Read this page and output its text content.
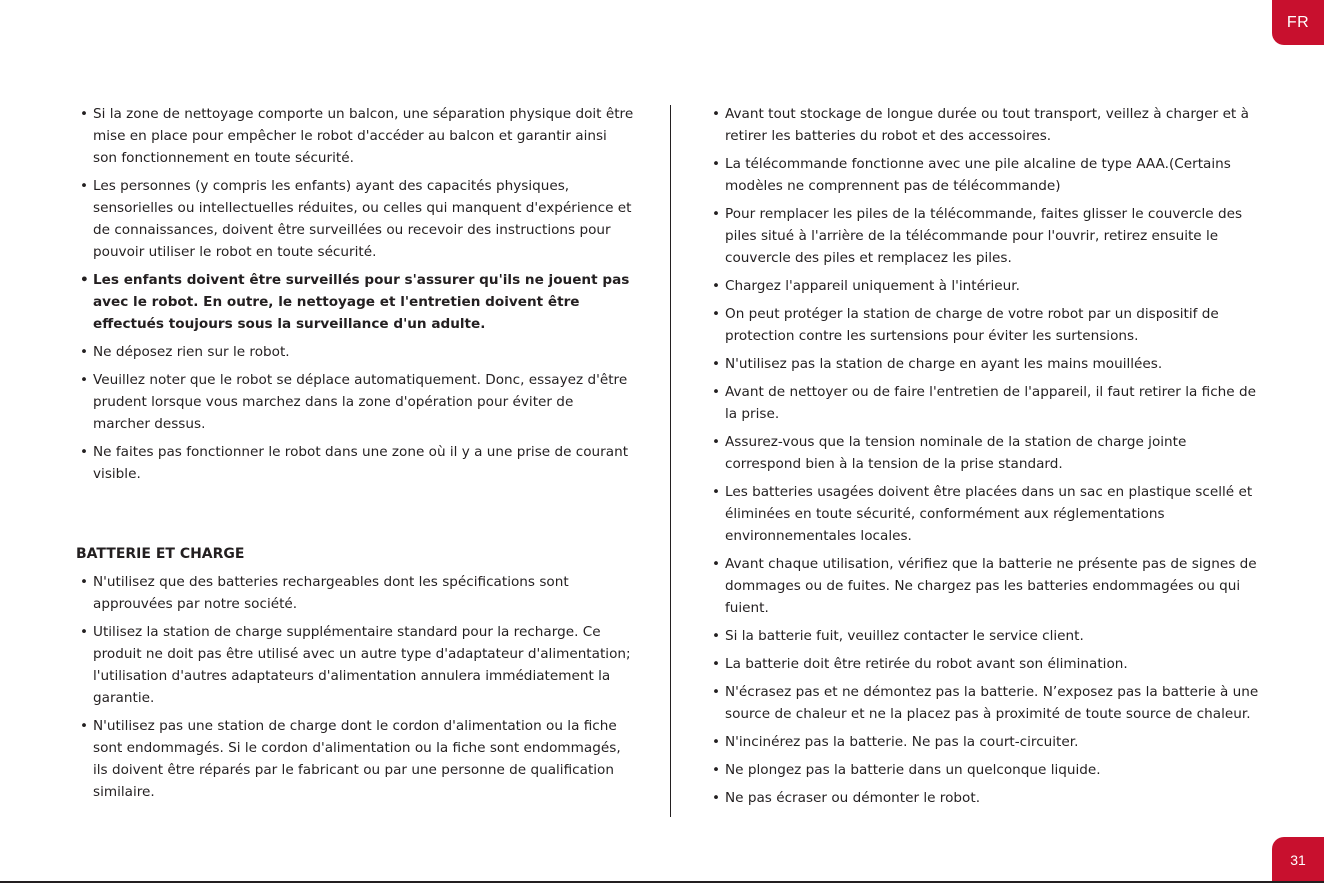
FR
• Si la zone de nettoyage comporte un balcon, une séparation physique doit être mise en place pour empêcher le robot d'accéder au balcon et garantir ainsi son fonctionnement en toute sécurité.
• Les personnes (y compris les enfants) ayant des capacités physiques, sensorielles ou intellectuelles réduites, ou celles qui manquent d'expérience et de connaissances, doivent être surveillées ou recevoir des instructions pour pouvoir utiliser le robot en toute sécurité.
• Les enfants doivent être surveillés pour s'assurer qu'ils ne jouent pas avec le robot. En outre, le nettoyage et l'entretien doivent être effectués toujours sous la surveillance d'un adulte.
• Ne déposez rien sur le robot.
• Veuillez noter que le robot se déplace automatiquement. Donc, essayez d'être prudent lorsque vous marchez dans la zone d'opération pour éviter de marcher dessus.
• Ne faites pas fonctionner le robot dans une zone où il y a une prise de courant visible.
BATTERIE ET CHARGE
• N'utilisez que des batteries rechargeables dont les spécifications sont approuvées par notre société.
• Utilisez la station de charge supplémentaire standard pour la recharge. Ce produit ne doit pas être utilisé avec un autre type d'adaptateur d'alimentation; l'utilisation d'autres adaptateurs d'alimentation annulera immédiatement la garantie.
• N'utilisez pas une station de charge dont le cordon d'alimentation ou la fiche sont endommagés. Si le cordon d'alimentation ou la fiche sont endommagés, ils doivent être réparés par le fabricant ou par une personne de qualification similaire.
• Avant tout stockage de longue durée ou tout transport, veillez à charger et à retirer les batteries du robot et des accessoires.
• La télécommande fonctionne avec une pile alcaline de type AAA.(Certains modèles ne comprennent pas de télécommande)
• Pour remplacer les piles de la télécommande, faites glisser le couvercle des piles situé à l'arrière de la télécommande pour l'ouvrir, retirez ensuite le couvercle des piles et remplacez les piles.
• Chargez l'appareil uniquement à l'intérieur.
• On peut protéger la station de charge de votre robot par un dispositif de protection contre les surtensions pour éviter les surtensions.
• N'utilisez pas la station de charge en ayant les mains mouillées.
• Avant de nettoyer ou de faire l'entretien de l'appareil, il faut retirer la fiche de la prise.
• Assurez-vous que la tension nominale de la station de charge jointe correspond bien à la tension de la prise standard.
• Les batteries usagées doivent être placées dans un sac en plastique scellé et éliminées en toute sécurité, conformément aux réglementations environnementales locales.
• Avant chaque utilisation, vérifiez que la batterie ne présente pas de signes de dommages ou de fuites. Ne chargez pas les batteries endommagées ou qui fuient.
• Si la batterie fuit, veuillez contacter le service client.
• La batterie doit être retirée du robot avant son élimination.
• N'écrasez pas et ne démontez pas la batterie. N’exposez pas la batterie à une source de chaleur et ne la placez pas à proximité de toute source de chaleur.
• N'incinérez pas la batterie. Ne pas la court-circuiter.
• Ne plongez pas la batterie dans un quelconque liquide.
• Ne pas écraser ou démonter le robot.
31
